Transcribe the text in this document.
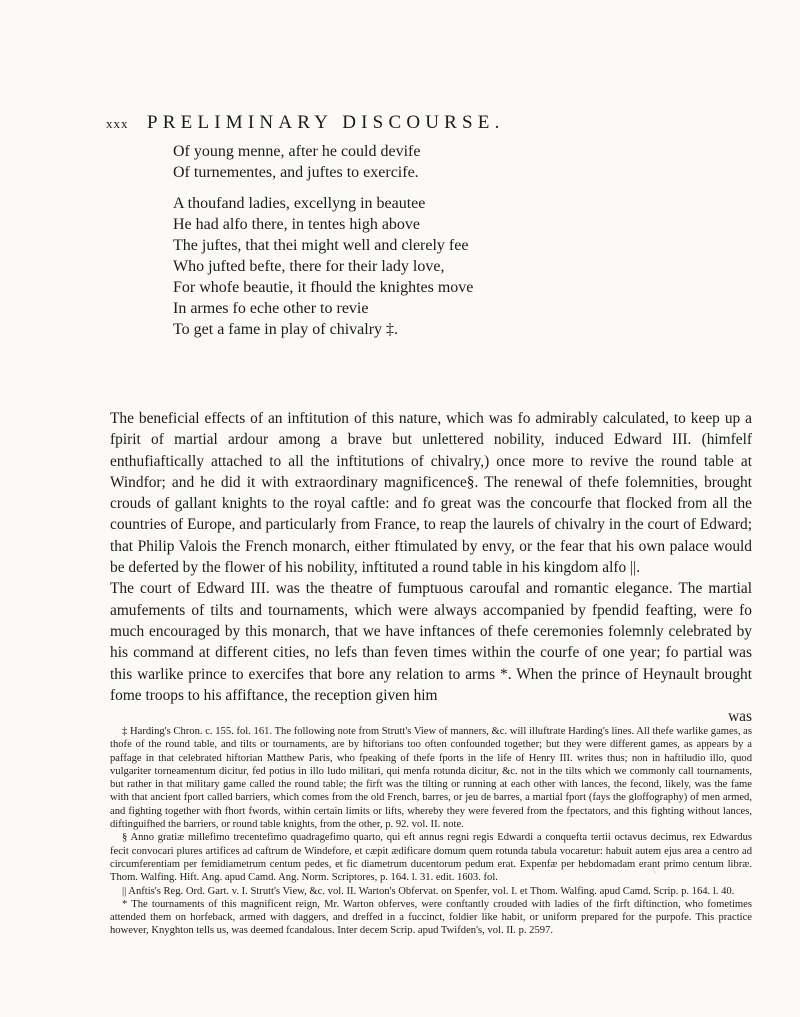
xxx PRELIMINARY DISCOURSE.
Of young menne, after he could devife
Of turnementes, and juftes to exercife.
A thoufand ladies, excellyng in beautee
He had alfo there, in tentes high above
The juftes, that thei might well and clerely fee
Who jufted befte, there for their lady love,
For whofe beautie, it fhould the knightes move
In armes fo eche other to revie
To get a fame in play of chivalry ‡.

The beneficial effects of an inftitution of this nature, which was fo admirably calculated, to keep up a fpirit of martial ardour among a brave but unlettered nobility, induced Edward III. (himfelf enthufiaftically attached to all the inftitutions of chivalry,) once more to revive the round table at Windfor; and he did it with extraordinary magnificence§. The renewal of thefe folemnities, brought crouds of gallant knights to the royal caftle: and fo great was the concourfe that flocked from all the countries of Europe, and particularly from France, to reap the laurels of chivalry in the court of Edward; that Philip Valois the French monarch, either ftimulated by envy, or the fear that his own palace would be deferted by the flower of his nobility, inftituted a round table in his kingdom alfo ||.

The court of Edward III. was the theatre of fumptuous caroufal and romantic elegance. The martial amufements of tilts and tournaments, which were always accompanied by fpendid feafting, were fo much encouraged by this monarch, that we have inftances of thefe ceremonies folemnly celebrated by his command at different cities, no lefs than feven times within the courfe of one year; fo partial was this warlike prince to exercifes that bore any relation to arms *. When the prince of Heynault brought fome troops to his affiftance, the reception given him

was

‡ Harding's Chron. c. 155. fol. 161. The following note from Strutt's View of manners, &c. will illuftrate Harding's lines. All thefe warlike games, as thofe of the round table, and tilts or tournaments, are by hiftorians too often confounded together; but they were different games, as appears by a paffage in that celebrated hiftorian Matthew Paris, who fpeaking of thefe fports in the life of Henry III. writes thus; non in haftiludio illo, quod vulgariter torneamentum dicitur, fed potius in illo ludo militari, qui menfa rotunda dicitur, &c. not in the tilts which we commonly call tournaments, but rather in that military game called the round table; the firft was the tilting or running at each other with lances, the fecond, likely, was the fame with that ancient fport called barriers, which comes from the old French, barres, or jeu de barres, a martial fport (fays the gloffography) of men armed, and fighting together with fhort fwords, within certain limits or lifts, whereby they were fevered from the fpectators, and this fighting without lances, diftinguifhed the barriers, or round table knights, from the other, p. 92. vol. II. note.

§ Anno gratiæ millefimo trecentefimo quadragefimo quarto, qui eft annus regni regis Edwardi a conquefta tertii octavus decimus, rex Edwardus fecit convocari plures artifices ad caftrum de Windefore, et cæpit ædificare domum quem rotunda tabula vocaretur: habuit autem ejus area a centro ad circumferentiam per femidiametrum centum pedes, et fic diametrum ducentorum pedum erat. Expenfæ per hebdomadam erant primo centum libræ. Thom. Walfing. Hift. Ang. apud Camd. Ang. Norm. Scriptores, p. 164. l. 31. edit. 1603. fol.

|| Anftis's Reg. Ord. Gart. v. I. Strutt's View, &c. vol. II. Warton's Obfervat. on Spenfer, vol. I. et Thom. Walfing. apud Camd. Scrip. p. 164. l. 40.

* The tournaments of this magnificent reign, Mr. Warton obferves, were conftantly crouded with ladies of the firft diftinction, who fometimes attended them on horfeback, armed with daggers, and dreffed in a fuccinct, foldier like habit, or uniform prepared for the purpofe. This practice however, Knyghton tells us, was deemed fcandalous. Inter decem Scrip. apud Twifden's, vol. II. p. 2597.
